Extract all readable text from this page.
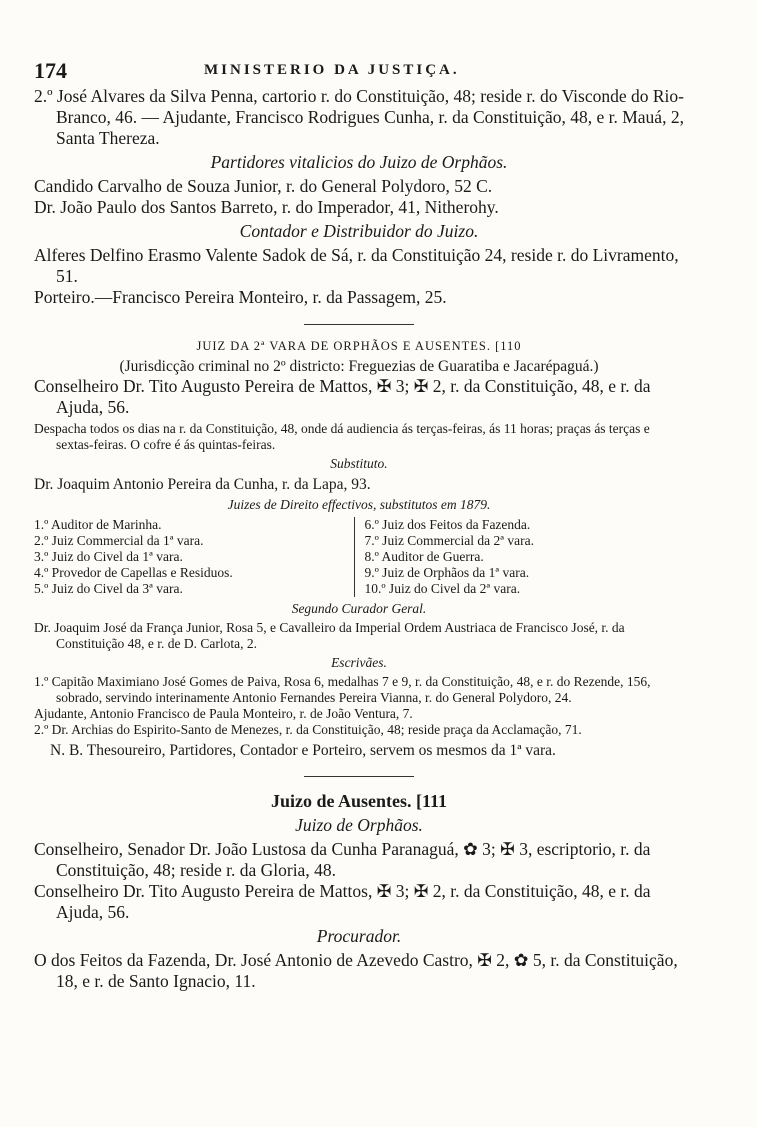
174	MINISTERIO DA JUSTIÇA.

2.º José Alvares da Silva Penna, cartorio r. do Constituição, 48; reside r. do Visconde do Rio-Branco, 46. — Ajudante, Francisco Rodrigues Cunha, r. da Constituição, 48, e r. Mauá, 2, Santa Thereza.

Partidores vitalicios do Juizo de Orphãos.

Candido Carvalho de Souza Junior, r. do General Polydoro, 52 C.

Dr. João Paulo dos Santos Barreto, r. do Imperador, 41, Nitherohy.

Contador e Distribuidor do Juizo.

Alferes Delfino Erasmo Valente Sadok de Sá, r. da Constituição 24, reside r. do Livramento, 51.

Porteiro.—Francisco Pereira Monteiro, r. da Passagem, 25.

JUIZ DA 2ª VARA DE ORPHÃOS E AUSENTES. [110

(Jurisdicção criminal no 2º districto: Freguezias de Guaratiba e Jacarépaguá.)

Conselheiro Dr. Tito Augusto Pereira de Mattos, ✠ 3; ✠ 2, r. da Constituição, 48, e r. da Ajuda, 56.

Despacha todos os dias na r. da Constituição, 48, onde dá audiencia ás terças-feiras, ás 11 horas; praças ás terças e sextas-feiras. O cofre é ás quintas-feiras.

Substituto.

Dr. Joaquim Antonio Pereira da Cunha, r. da Lapa, 93.

Juizes de Direito effectivos, substitutos em 1879.

1.º Auditor de Marinha.

2.º Juiz Commercial da 1ª vara.

3.º Juiz do Civel da 1ª vara.

4.º Provedor de Capellas e Residuos.

5.º Juiz do Civel da 3ª vara.

6.º Juiz dos Feitos da Fazenda.

7.º Juiz Commercial da 2ª vara.

8.º Auditor de Guerra.

9.º Juiz de Orphãos da 1ª vara.

10.º Juiz do Civel da 2ª vara.

Segundo Curador Geral.

Dr. Joaquim José da França Junior, Rosa 5, e Cavalleiro da Imperial Ordem Austriaca de Francisco José, r. da Constituição 48, e r. de D. Carlota, 2.

Escrivães.

1.º Capitão Maximiano José Gomes de Paiva, Rosa 6, medalhas 7 e 9, r. da Constituição, 48, e r. do Rezende, 156, sobrado, servindo interinamente Antonio Fernandes Pereira Vianna, r. do General Polydoro, 24.

Ajudante, Antonio Francisco de Paula Monteiro, r. de João Ventura, 7.

2.º Dr. Archias do Espirito-Santo de Menezes, r. da Constituição, 48; reside praça da Acclamação, 71.

N. B. Thesoureiro, Partidores, Contador e Porteiro, servem os mesmos da 1ª vara.

Juizo de Ausentes. [111

Juizo de Orphãos.

Conselheiro, Senador Dr. João Lustosa da Cunha Paranaguá, ✿ 3; ✠ 3, escriptorio, r. da Constituição, 48; reside r. da Gloria, 48.

Conselheiro Dr. Tito Augusto Pereira de Mattos, ✠ 3; ✠ 2, r. da Constituição, 48, e r. da Ajuda, 56.

Procurador.

O dos Feitos da Fazenda, Dr. José Antonio de Azevedo Castro, ✠ 2, ✿ 5, r. da Constituição, 18, e r. de Santo Ignacio, 11.
